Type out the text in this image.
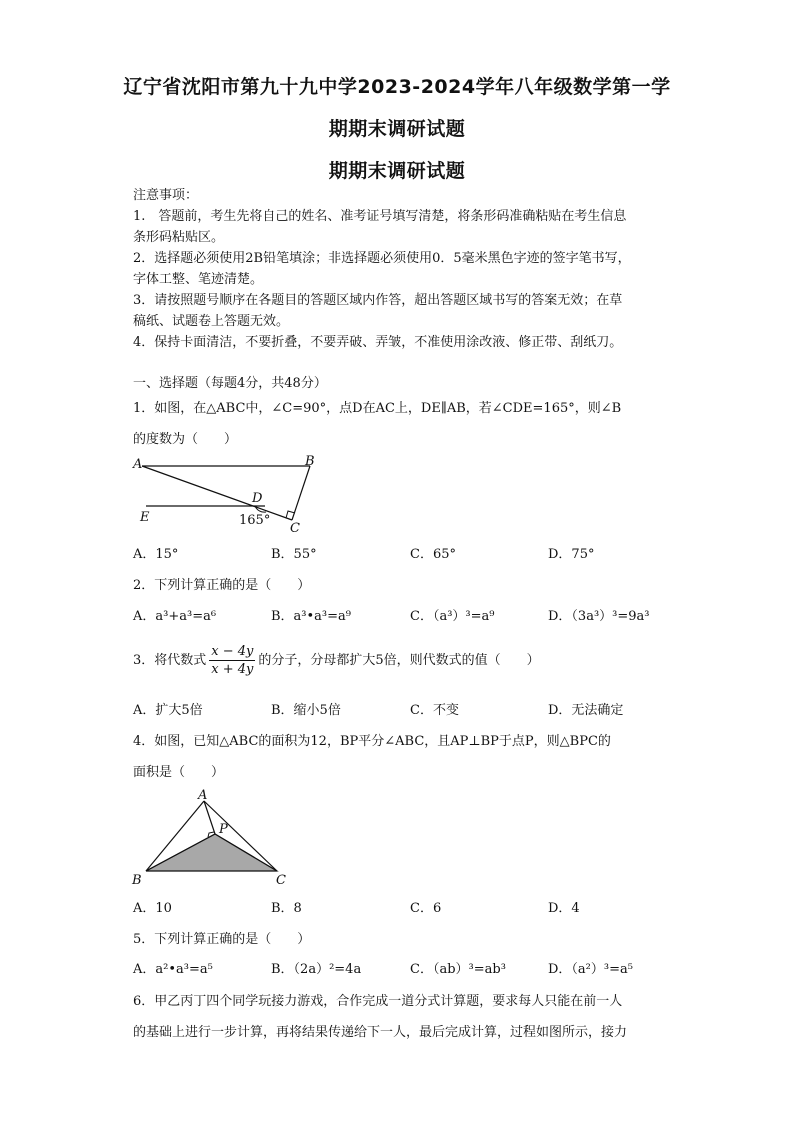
辽宁省沈阳市第九十九中学2023-2024学年八年级数学第一学
期期末调研试题
期期末调研试题
注意事项：
1.　答题前，考生先将自己的姓名、准考证号填写清楚，将条形码准确粘贴在考生信息
条形码粘贴区。
2．选择题必须使用2B铅笔填涂；非选择题必须使用0．5毫米黑色字迹的签字笔书写，
字体工整、笔迹清楚。
3．请按照题号顺序在各题目的答题区域内作答，超出答题区域书写的答案无效；在草
稿纸、试题卷上答题无效。
4．保持卡面清洁，不要折叠，不要弄破、弄皱，不准使用涂改液、修正带、刮纸刀。
一、选择题（每题4分，共48分）
1．如图，在△ABC中，∠C=90°，点D在AC上，DE∥AB，若∠CDE=165°，则∠B
的度数为（　　）
A	B
D
E
C
165°
A．15°	B．55°	C．65°	D．75°
2．下列计算正确的是（　　）
A．a³+a³=a⁶	B．a³•a³=a⁹	C．（a³）³=a⁹	D．（3a³）³=9a³
3．将代数式 $\frac{x - 4y}{x + 4y}$ 的分子，分母都扩大5倍，则代数式的值（　　）
A．扩大5倍	B．缩小5倍	C．不变	D．无法确定
4．如图，已知△ABC的面积为12，BP平分∠ABC，且AP⊥BP于点P，则△BPC的
面积是（　　）
A
P
B	C
A．10	B．8	C．6	D．4
5．下列计算正确的是（　　）
A．a²•a³=a⁵	B．（2a）²=4a	C．（ab）³=ab³	D．（a²）³=a⁵
6．甲乙丙丁四个同学玩接力游戏，合作完成一道分式计算题，要求每人只能在前一人
的基础上进行一步计算，再将结果传递给下一人，最后完成计算，过程如图所示，接力
